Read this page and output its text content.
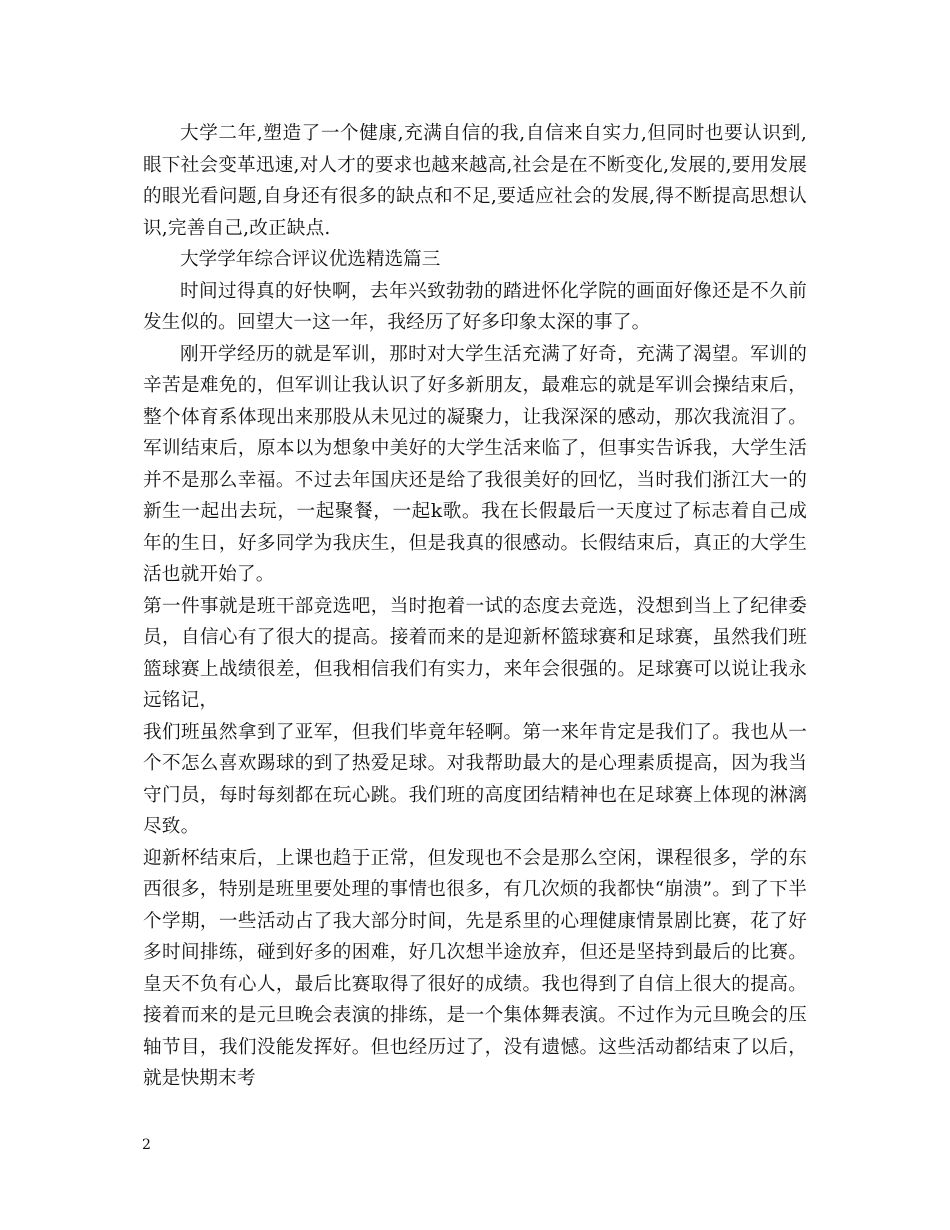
大学二年,塑造了一个健康,充满自信的我,自信来自实力,但同时也要认识到,眼下社会变革迅速,对人才的要求也越来越高,社会是在不断变化,发展的,要用发展的眼光看问题,自身还有很多的缺点和不足,要适应社会的发展,得不断提高思想认识,完善自己,改正缺点.

大学学年综合评议优选精选篇三

时间过得真的好快啊，去年兴致勃勃的踏进怀化学院的画面好像还是不久前发生似的。回望大一这一年，我经历了好多印象太深的事了。

刚开学经历的就是军训，那时对大学生活充满了好奇，充满了渴望。军训的辛苦是难免的，但军训让我认识了好多新朋友，最难忘的就是军训会操结束后，整个体育系体现出来那股从未见过的凝聚力，让我深深的感动，那次我流泪了。军训结束后，原本以为想象中美好的大学生活来临了，但事实告诉我，大学生活并不是那么幸福。不过去年国庆还是给了我很美好的回忆，当时我们浙江大一的新生一起出去玩，一起聚餐，一起k歌。我在长假最后一天度过了标志着自己成年的生日，好多同学为我庆生，但是我真的很感动。长假结束后，真正的大学生活也就开始了。

第一件事就是班干部竞选吧，当时抱着一试的态度去竞选，没想到当上了纪律委员，自信心有了很大的提高。接着而来的是迎新杯篮球赛和足球赛，虽然我们班篮球赛上战绩很差，但我相信我们有实力，来年会很强的。足球赛可以说让我永远铭记，

我们班虽然拿到了亚军，但我们毕竟年轻啊。第一来年肯定是我们了。我也从一个不怎么喜欢踢球的到了热爱足球。对我帮助最大的是心理素质提高，因为我当守门员，每时每刻都在玩心跳。我们班的高度团结精神也在足球赛上体现的淋漓尽致。

迎新杯结束后，上课也趋于正常，但发现也不会是那么空闲，课程很多，学的东西很多，特别是班里要处理的事情也很多，有几次烦的我都快“崩溃”。到了下半个学期，一些活动占了我大部分时间，先是系里的心理健康情景剧比赛，花了好多时间排练，碰到好多的困难，好几次想半途放弃，但还是坚持到最后的比赛。皇天不负有心人，最后比赛取得了很好的成绩。我也得到了自信上很大的提高。接着而来的是元旦晚会表演的排练，是一个集体舞表演。不过作为元旦晚会的压轴节目，我们没能发挥好。但也经历过了，没有遗憾。这些活动都结束了以后，就是快期末考

2
